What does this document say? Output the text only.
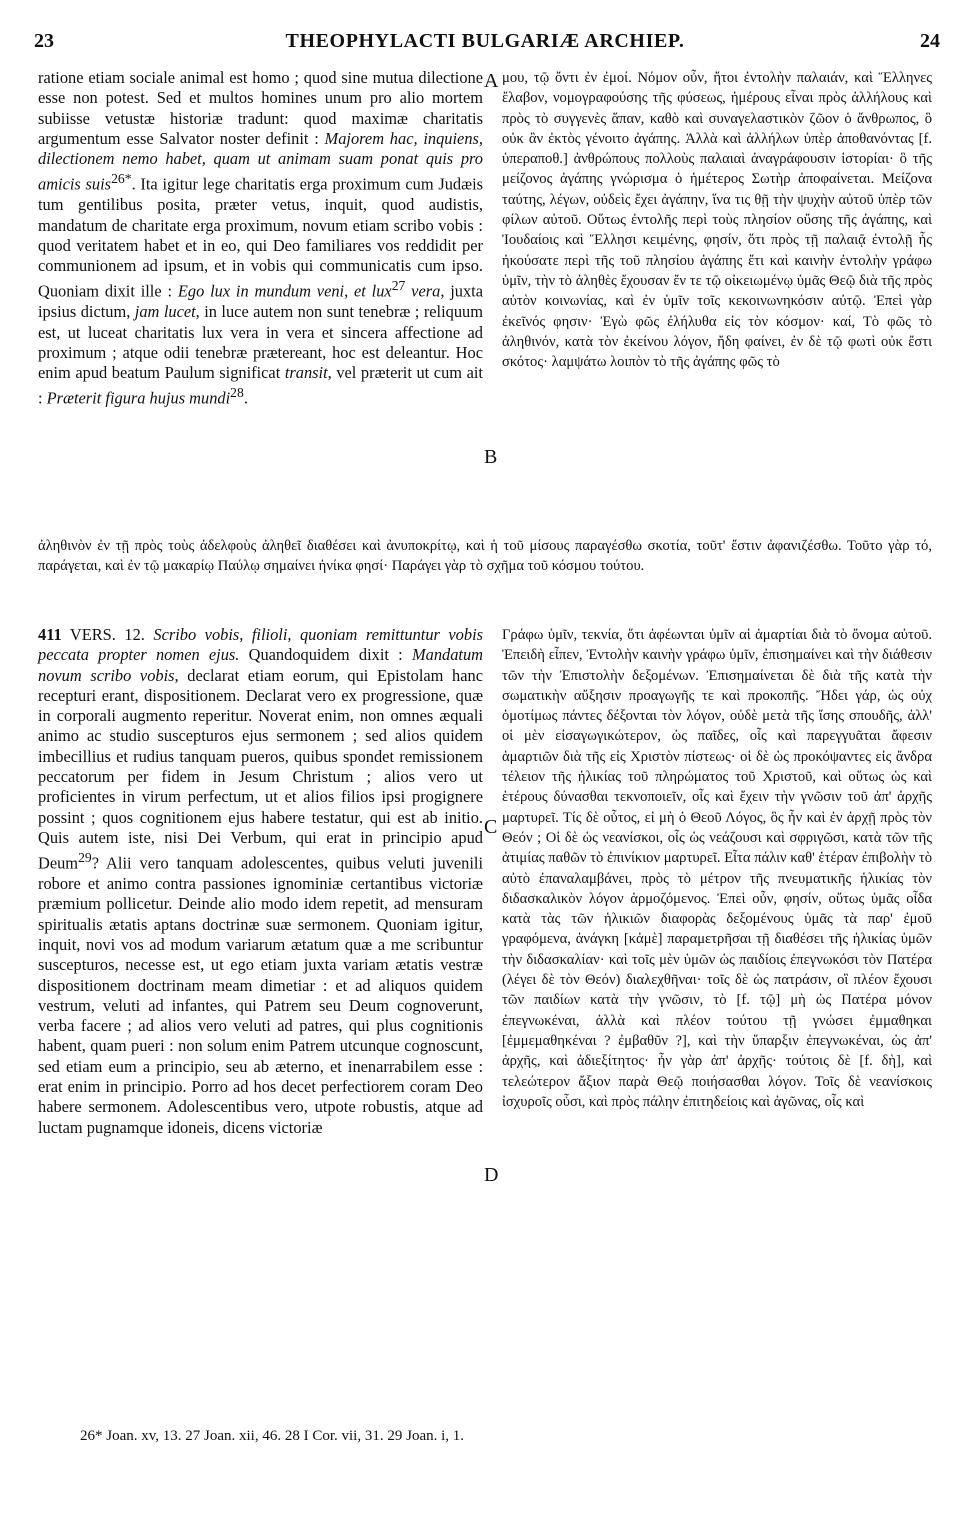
23	THEOPHYLACTI BULGARIÆ ARCHIEP.	24

ratione etiam sociale animal est homo ; quod sine mutua dilectione esse non potest. Sed et multos homines unum pro alio mortem subiisse vetustæ historiæ tradunt: quod maximæ charitatis argumentum esse Salvator noster definit : Majorem hac, inquiens, dilectionem nemo habet, quam ut animam suam ponat quis pro amicis suis$^{26*}$. Ita igitur lege charitatis erga proximum cum Judæis tum gentilibus posita, præter vetus, inquit, quod audistis, mandatum de charitate erga proximum, novum etiam scribo vobis : quod veritatem habet et in eo, qui Deo familiares vos reddidit per communionem ad ipsum, et in vobis qui communicatis cum ipso. Quoniam dixit ille : Ego lux in mundum veni, et lux$^{27}$ vera, juxta ipsius dictum, jam lucet, in luce autem non sunt tenebræ ; reliquum est, ut luceat charitatis lux vera in vera et sincera affectione ad proximum ; atque odii tenebræ prætereant, hoc est deleantur. Hoc enim apud beatum Paulum significat transit, vel præterit ut cum ait : Præterit figura hujus mundi$^{28}$.

μου, τῷ ὄντι ἐν ἐμοί. Νόμον οὖν, ἤτοι ἐντολὴν παλαιάν, καὶ Ἕλληνες ἔλαβον, νομογραφούσης τῆς φύσεως, ἡμέρους εἶναι πρὸς ἀλλήλους καὶ πρὸς τὸ συγγενὲς ἅπαν, καθὸ καὶ συναγελαστικὸν ζῶον ὁ ἄνθρωπος, ὃ οὐκ ἂν ἐκτὸς γένοιτο ἀγάπης. Ἀλλὰ καὶ ἀλλήλων ὑπὲρ ἀποθανόντας [f. ὑπεραποθ.] ἀνθρώπους πολλοὺς παλαιαὶ ἀναγράφουσιν ἱστορίαι· ὃ τῆς μείζονος ἀγάπης γνώρισμα ὁ ἡμέτερος Σωτὴρ ἀποφαίνεται. Μείζονα ταύτης, λέγων, οὐδεὶς ἔχει ἀγάπην, ἵνα τις θῇ τὴν ψυχὴν αὐτοῦ ὑπὲρ τῶν φίλων αὐτοῦ. Οὕτως ἐντολῆς περὶ τοὺς πλησίον οὔσης τῆς ἀγάπης, καὶ Ἰουδαίοις καὶ Ἕλλησι κειμένης, φησίν, ὅτι πρὸς τῇ παλαιᾷ ἐντολῇ ἧς ἠκούσατε περὶ τῆς τοῦ πλησίου ἀγάπης ἔτι καὶ καινὴν ἐντολὴν γράφω ὑμῖν, τὴν τὸ ἀληθὲς ἔχουσαν ἔν τε τῷ οἰκειωμένῳ ὑμᾶς Θεῷ διὰ τῆς πρὸς αὐτὸν κοινωνίας, καὶ ἐν ὑμῖν τοῖς κεκοινωνηκόσιν αὐτῷ. Ἐπεὶ γὰρ ἐκεῖνός φησιν· Ἐγὼ φῶς ἐλήλυθα εἰς τὸν κόσμον· καί, Τὸ φῶς τὸ ἀληθινόν, κατὰ τὸν ἐκείνου λόγον, ἤδη φαίνει, ἐν δὲ τῷ φωτὶ οὐκ ἔστι σκότος· λαμψάτω λοιπὸν τὸ τῆς ἀγάπης φῶς τὸ

A
B
C
D

ἀληθινὸν ἐν τῇ πρὸς τοὺς ἀδελφοὺς ἀληθεῖ διαθέσει καὶ ἀνυποκρίτῳ, καὶ ἡ τοῦ μίσους παραγέσθω σκοτία, τοῦτ' ἔστιν ἀφανιζέσθω. Τοῦτο γὰρ τό, παράγεται, καὶ ἐν τῷ μακαρίῳ Παύλῳ σημαίνει ἡνίκα φησί· Παράγει γὰρ τὸ σχῆμα τοῦ κόσμου τούτου.

411 VERS. 12. Scribo vobis, filioli, quoniam remittuntur vobis peccata propter nomen ejus. Quandoquidem dixit : Mandatum novum scribo vobis, declarat etiam eorum, qui Epistolam hanc recepturi erant, dispositionem. Declarat vero ex progressione, quæ in corporali augmento reperitur. Noverat enim, non omnes æquali animo ac studio suscepturos ejus sermonem ; sed alios quidem imbecillius et rudius tanquam pueros, quibus spondet remissionem peccatorum per fidem in Jesum Christum ; alios vero ut proficientes in virum perfectum, ut et alios filios ipsi progignere possint ; quos cognitionem ejus habere testatur, qui est ab initio. Quis autem iste, nisi Dei Verbum, qui erat in principio apud Deum$^{29}$? Alii vero tanquam adolescentes, quibus veluti juvenili robore et animo contra passiones ignominiæ certantibus victoriæ præmium pollicetur. Deinde alio modo idem repetit, ad mensuram spiritualis ætatis aptans doctrinæ suæ sermonem. Quoniam igitur, inquit, novi vos ad modum variarum ætatum quæ a me scribuntur suscepturos, necesse est, ut ego etiam juxta variam ætatis vestræ dispositionem doctrinam meam dimetiar : et ad aliquos quidem vestrum, veluti ad infantes, qui Patrem seu Deum cognoverunt, verba facere ; ad alios vero veluti ad patres, qui plus cognitionis habent, quam pueri : non solum enim Patrem utcunque cognoscunt, sed etiam eum a principio, seu ab æterno, et inenarrabilem esse : erat enim in principio. Porro ad hos decet perfectiorem coram Deo habere sermonem. Adolescentibus vero, utpote robustis, atque ad luctam pugnamque idoneis, dicens victoriæ

Γράφω ὑμῖν, τεκνία, ὅτι ἀφέωνται ὑμῖν αἱ ἁμαρτίαι διὰ τὸ ὄνομα αὐτοῦ. Ἐπειδὴ εἶπεν, Ἐντολὴν καινὴν γράφω ὑμῖν, ἐπισημαίνει καὶ τὴν διάθεσιν τῶν τὴν Ἐπιστολὴν δεξομένων. Ἐπισημαίνεται δὲ διὰ τῆς κατὰ τὴν σωματικὴν αὔξησιν προαγωγῆς τε καὶ προκοπῆς. Ἤδει γάρ, ὡς οὐχ ὁμοτίμως πάντες δέξονται τὸν λόγον, οὐδὲ μετὰ τῆς ἴσης σπουδῆς, ἀλλ' οἱ μὲν εἰσαγωγικώτερον, ὡς παῖδες, οἷς καὶ παρεγγυᾶται ἄφεσιν ἁμαρτιῶν διὰ τῆς εἰς Χριστὸν πίστεως· οἱ δὲ ὡς προκόψαντες εἰς ἄνδρα τέλειον τῆς ἡλικίας τοῦ πληρώματος τοῦ Χριστοῦ, καὶ οὕτως ὡς καὶ ἑτέρους δύνασθαι τεκνοποιεῖν, οἷς καὶ ἔχειν τὴν γνῶσιν τοῦ ἀπ' ἀρχῆς μαρτυρεῖ. Τίς δὲ οὗτος, εἰ μὴ ὁ Θεοῦ Λόγος, ὃς ἦν καὶ ἐν ἀρχῇ πρὸς τὸν Θεόν ; Οἱ δὲ ὡς νεανίσκοι, οἷς ὡς νεάζουσι καὶ σφριγῶσι, κατὰ τῶν τῆς ἀτιμίας παθῶν τὸ ἐπινίκιον μαρτυρεῖ. Εἶτα πάλιν καθ' ἑτέραν ἐπιβολὴν τὸ αὐτὸ ἐπαναλαμβάνει, πρὸς τὸ μέτρον τῆς πνευματικῆς ἡλικίας τὸν διδασκαλικὸν λόγον ἁρμοζόμενος. Ἐπεὶ οὖν, φησίν, οὕτως ὑμᾶς οἶδα κατὰ τὰς τῶν ἡλικιῶν διαφορὰς δεξομένους ὑμᾶς τὰ παρ' ἐμοῦ γραφόμενα, ἀνάγκη [κἀμὲ] παραμετρῆσαι τῇ διαθέσει τῆς ἡλικίας ὑμῶν τὴν διδασκαλίαν· καὶ τοῖς μὲν ὑμῶν ὡς παιδίοις ἐπεγνωκόσι τὸν Πατέρα (λέγει δὲ τὸν Θεόν) διαλεχθῆναι· τοῖς δὲ ὡς πατράσιν, οἳ πλέον ἔχουσι τῶν παιδίων κατὰ τὴν γνῶσιν, τὸ [f. τῷ] μὴ ὡς Πατέρα μόνον ἐπεγνωκέναι, ἀλλὰ καὶ πλέον τούτου τῇ γνώσει ἐμμαθηκαι [ἐμμεμαθηκέναι ? ἐμβαθῦν ?], καὶ τὴν ὕπαρξιν ἐπεγνωκέναι, ὡς ἀπ' ἀρχῆς, καὶ ἀδιεξίτητος· ἦν γὰρ ἀπ' ἀρχῆς· τούτοις δὲ [f. δὴ], καὶ τελεώτερον ἄξιον παρὰ Θεῷ ποιήσασθαι λόγον. Τοῖς δὲ νεανίσκοις ἰσχυροῖς οὖσι, καὶ πρὸς πάλην ἐπιτηδείοις καὶ ἀγῶνας, οἷς καὶ

26* Joan. xv, 13. 27 Joan. xii, 46. 28 I Cor. vii, 31. 29 Joan. i, 1.
